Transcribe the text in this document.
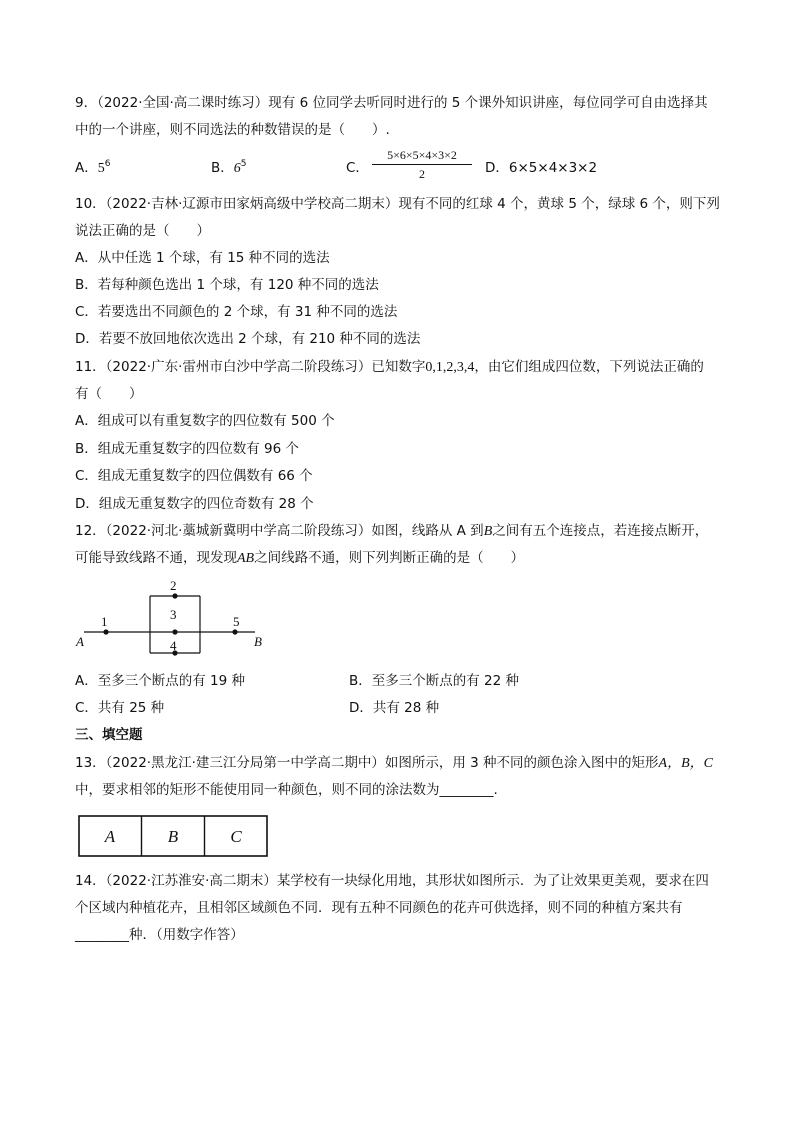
9．（2022·全国·高二课时练习）现有 6 位同学去听同时进行的 5 个课外知识讲座，每位同学可自由选择其
中的一个讲座，则不同选法的种数错误的是（　　）.
A．$5^6$	B．$6^5$	C． $\frac{5\times 6\times 5\times 4\times 3\times 2}{2}$ D．6×5×4×3×2
10．（2022·吉林·辽源市田家炳高级中学校高二期末）现有不同的红球 4 个，黄球 5 个，绿球 6 个，则下列
说法正确的是（　　）
A．从中任选 1 个球，有 15 种不同的选法
B．若每种颜色选出 1 个球，有 120 种不同的选法
C．若要选出不同颜色的 2 个球，有 31 种不同的选法
D．若要不放回地依次选出 2 个球，有 210 种不同的选法
11．（2022·广东·雷州市白沙中学高二阶段练习）已知数字0,1,2,3,4，由它们组成四位数，下列说法正确的
有（　　）
A．组成可以有重复数字的四位数有 500 个
B．组成无重复数字的四位数有 96 个
C．组成无重复数字的四位偶数有 66 个
D．组成无重复数字的四位奇数有 28 个
12．（2022·河北·藁城新冀明中学高二阶段练习）如图，线路从 A 到B之间有五个连接点，若连接点断开，
可能导致线路不通，现发现AB之间线路不通，则下列判断正确的是（　　）
1
2
3
4
5
A	B
A．至多三个断点的有 19 种	B．至多三个断点的有 22 种
C．共有 25 种	D．共有 28 种
三、填空题
13．（2022·黑龙江·建三江分局第一中学高二期中）如图所示，用 3 种不同的颜色涂入图中的矩形A，B，C
中，要求相邻的矩形不能使用同一种颜色，则不同的涂法数为________.
A	B	C
14．（2022·江苏淮安·高二期末）某学校有一块绿化用地，其形状如图所示．为了让效果更美观，要求在四
个区域内种植花卉，且相邻区域颜色不同．现有五种不同颜色的花卉可供选择，则不同的种植方案共有
________种．（用数字作答）
